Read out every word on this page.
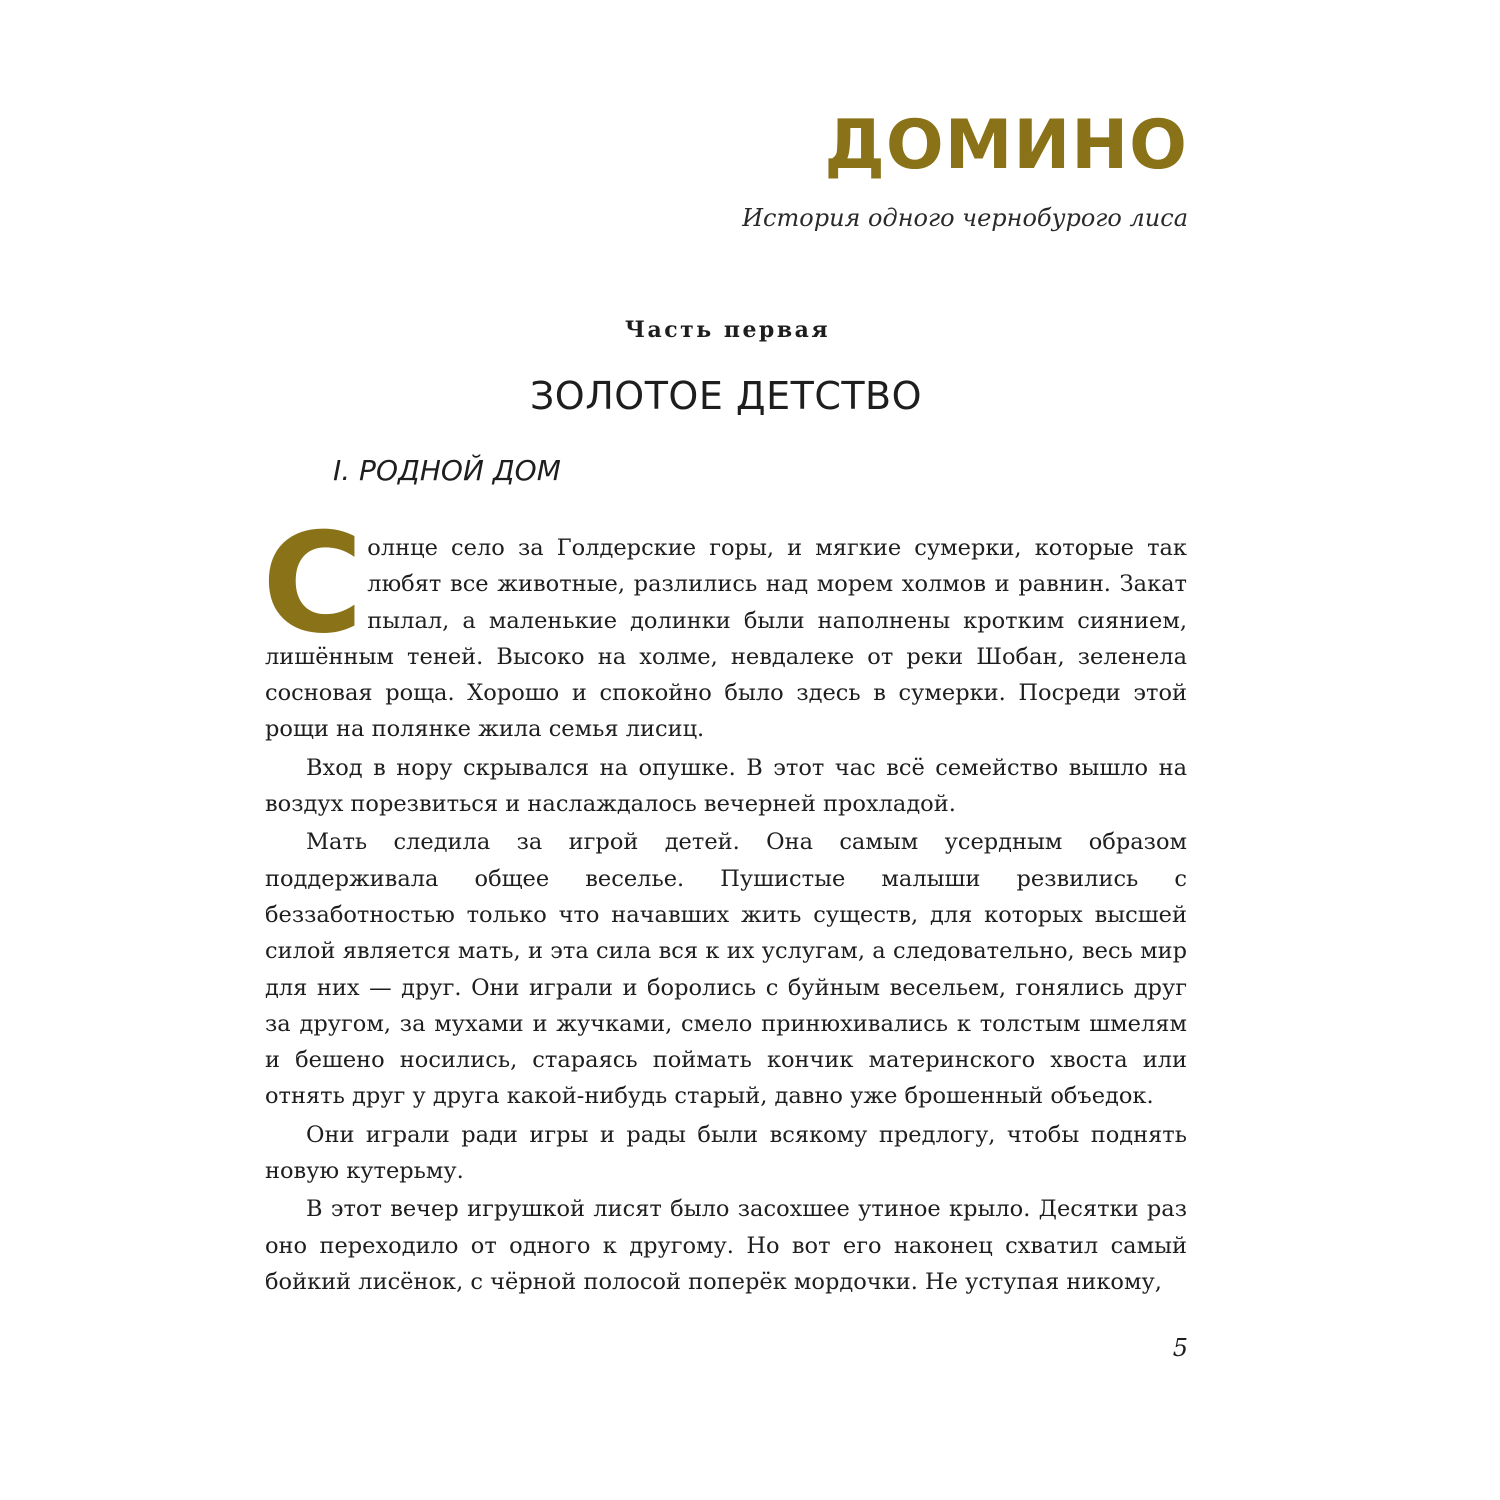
ДОМИНО
История одного чернобурого лиса
Часть первая
ЗОЛОТОЕ ДЕТСТВО
I. РОДНОЙ ДОМ

Солнце село за Голдерские горы, и мягкие сумерки, которые так любят все животные, разлились над морем холмов и равнин. Закат пылал, а маленькие долинки были наполнены кротким сиянием, лишённым теней. Высоко на холме, невдалеке от реки Шобан, зеленела сосновая роща. Хорошо и спокойно было здесь в сумерки. Посреди этой рощи на полянке жила семья лисиц.

Вход в нору скрывался на опушке. В этот час всё семейство вышло на воздух порезвиться и наслаждалось вечерней прохладой.

Мать следила за игрой детей. Она самым усердным образом поддерживала общее веселье. Пушистые малыши резвились с беззаботностью только что начавших жить существ, для которых высшей силой является мать, и эта сила вся к их услугам, а следовательно, весь мир для них — друг. Они играли и боролись с буйным весельем, гонялись друг за другом, за мухами и жучками, смело принюхивались к толстым шмелям и бешено носились, стараясь поймать кончик материнского хвоста или отнять друг у друга какой-нибудь старый, давно уже брошенный объедок.

Они играли ради игры и рады были всякому предлогу, чтобы поднять новую кутерьму.

В этот вечер игрушкой лисят было засохшее утиное крыло. Десятки раз оно переходило от одного к другому. Но вот его наконец схватил самый бойкий лисёнок, с чёрной полосой поперёк мордочки. Не уступая никому,

5
